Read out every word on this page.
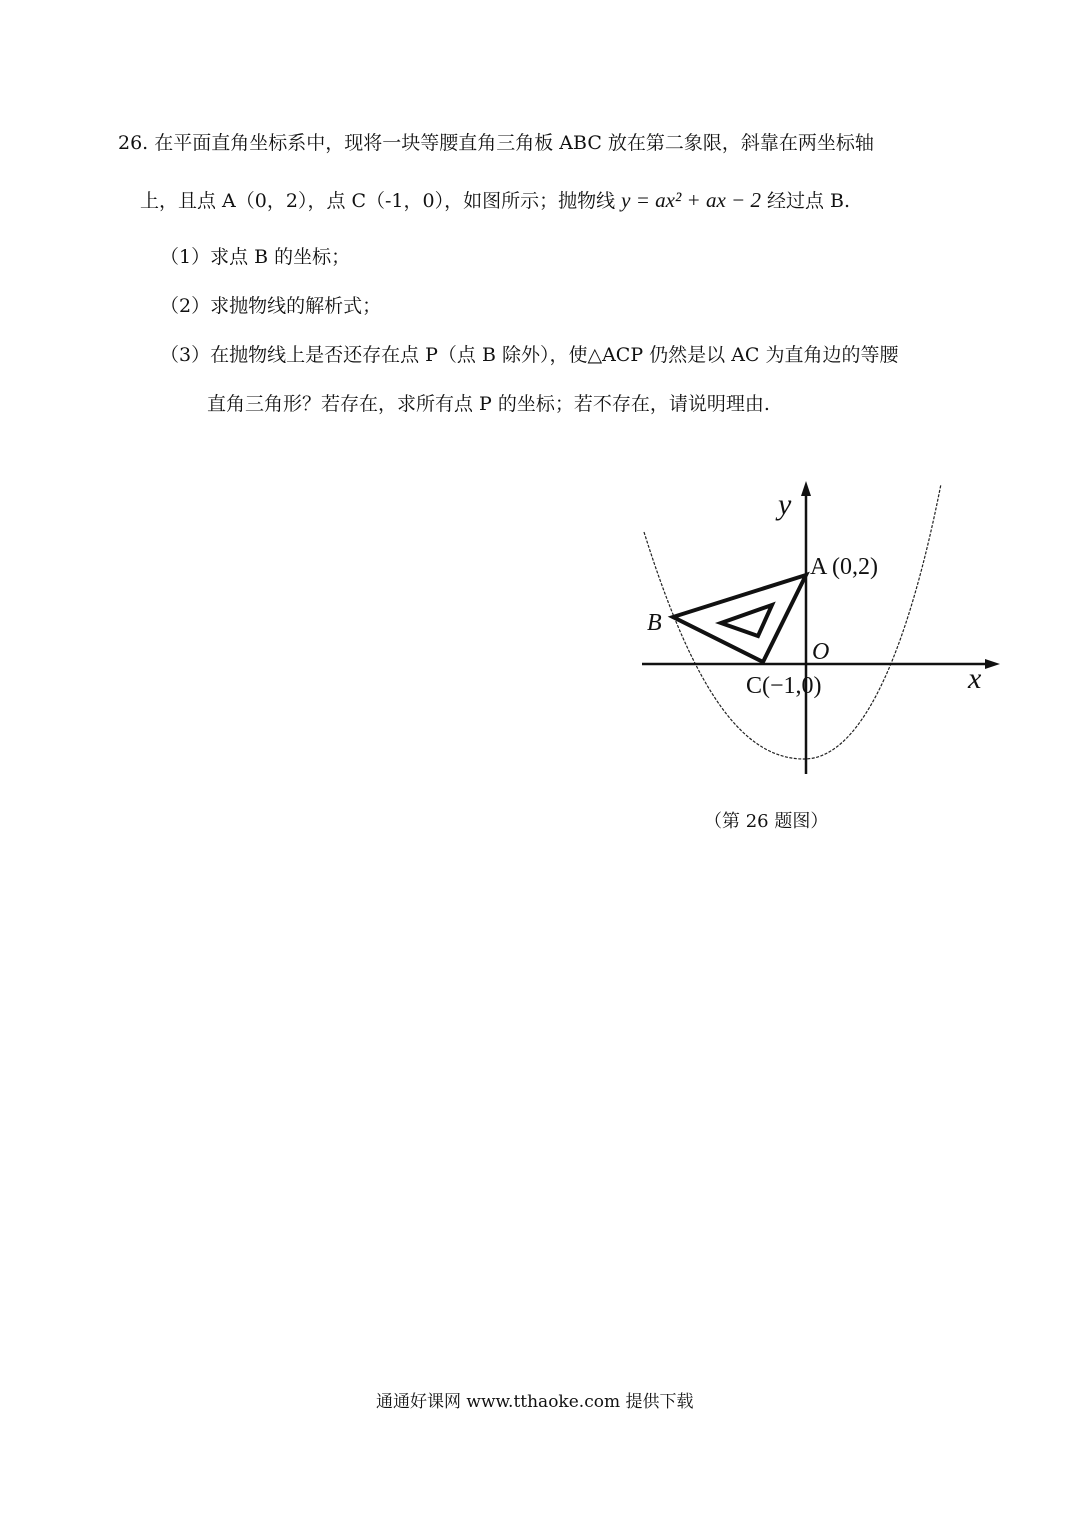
26. 在平面直角坐标系中，现将一块等腰直角三角板 ABC 放在第二象限，斜靠在两坐标轴
上，且点 A（0，2），点 C（-1，0），如图所示；抛物线 y = ax² + ax − 2 经过点 B.
（1）求点 B 的坐标；
（2）求抛物线的解析式；
（3）在抛物线上是否还存在点 P（点 B 除外），使△ACP 仍然是以 AC 为直角边的等腰
直角三角形？若存在，求所有点 P 的坐标；若不存在，请说明理由.
y
x
A (0,2)
B
C(−1,0)
O
（第 26 题图）
通通好课网 www.tthaoke.com 提供下载
